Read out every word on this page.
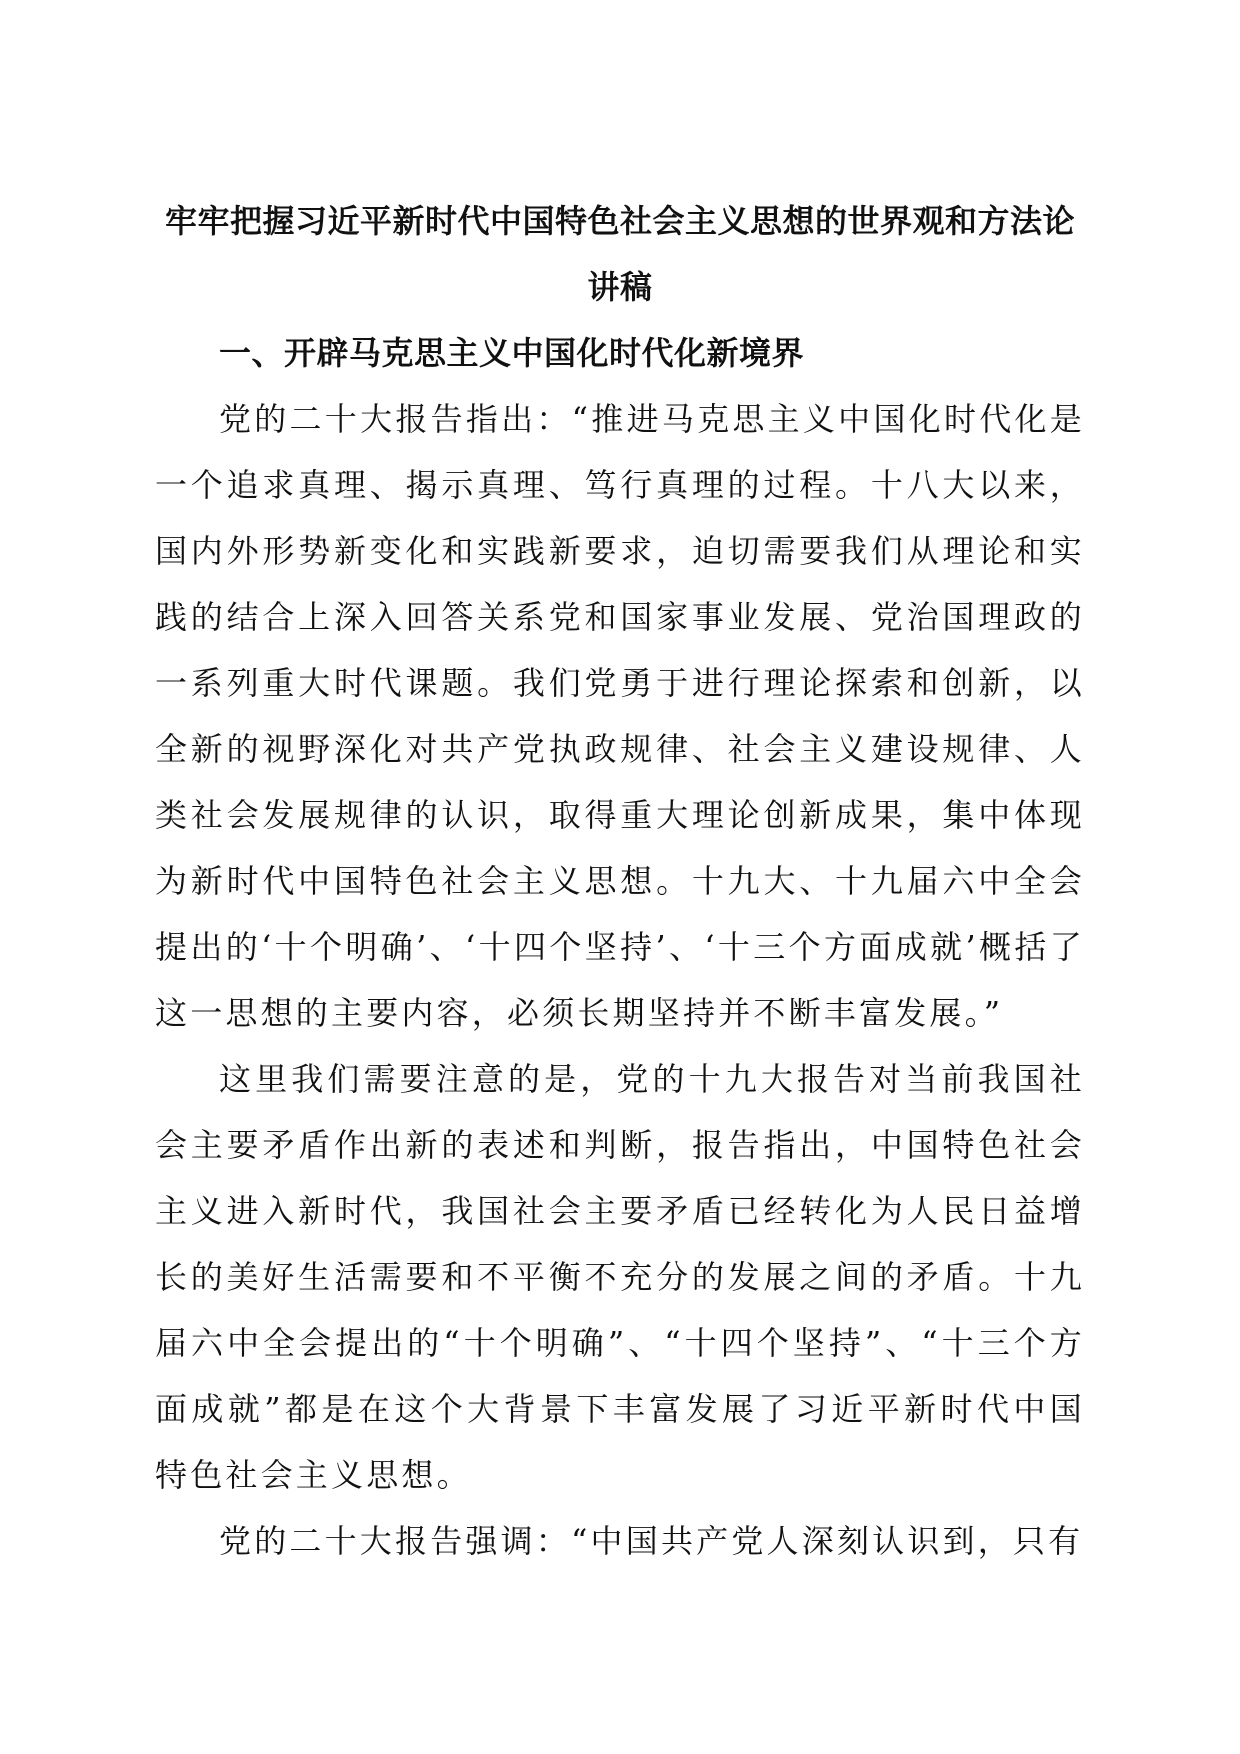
牢牢把握习近平新时代中国特色社会主义思想的世界观和方法论讲稿
一、开辟马克思主义中国化时代化新境界

党的二十大报告指出：“推进马克思主义中国化时代化是一个追求真理、揭示真理、笃行真理的过程。十八大以来，国内外形势新变化和实践新要求，迫切需要我们从理论和实践的结合上深入回答关系党和国家事业发展、党治国理政的一系列重大时代课题。我们党勇于进行理论探索和创新，以全新的视野深化对共产党执政规律、社会主义建设规律、人类社会发展规律的认识，取得重大理论创新成果，集中体现为新时代中国特色社会主义思想。十九大、十九届六中全会提出的‘十个明确’、‘十四个坚持’、‘十三个方面成就’概括了这一思想的主要内容，必须长期坚持并不断丰富发展。”

这里我们需要注意的是，党的十九大报告对当前我国社会主要矛盾作出新的表述和判断，报告指出，中国特色社会主义进入新时代，我国社会主要矛盾已经转化为人民日益增长的美好生活需要和不平衡不充分的发展之间的矛盾。十九届六中全会提出的“十个明确”、“十四个坚持”、“十三个方面成就”都是在这个大背景下丰富发展了习近平新时代中国特色社会主义思想。

党的二十大报告强调：“中国共产党人深刻认识到，只有
